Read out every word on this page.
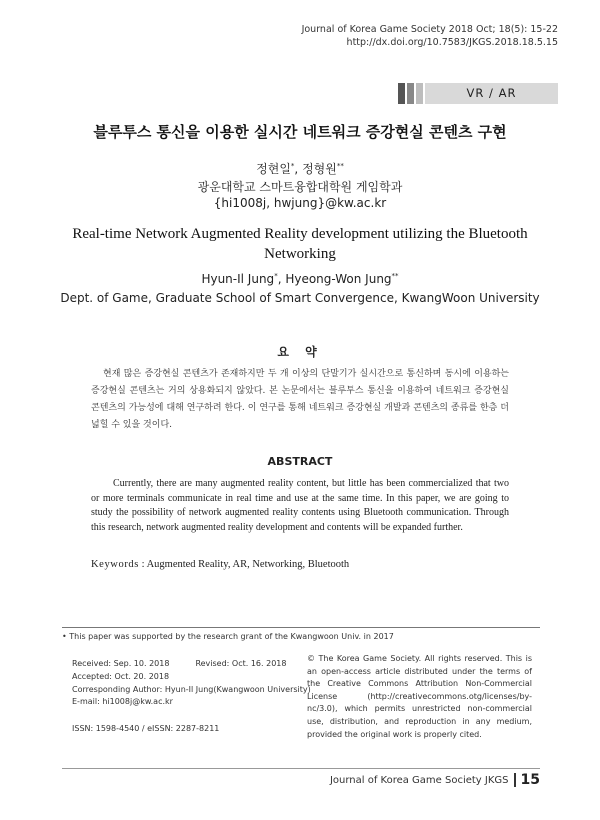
Journal of Korea Game Society 2018 Oct; 18(5): 15-22
http://dx.doi.org/10.7583/JKGS.2018.18.5.15
VR / AR
블루투스 통신을 이용한 실시간 네트워크 증강현실 콘텐츠 구현
정현일*, 정형원**
광운대학교 스마트융합대학원 게임학과
{hi1008j, hwjung}@kw.ac.kr
Real-time Network Augmented Reality development utilizing the Bluetooth Networking
Hyun-Il Jung*, Hyeong-Won Jung**
Dept. of Game, Graduate School of Smart Convergence, KwangWoon University
요 약
현재 많은 증강현실 콘텐츠가 존재하지만 두 개 이상의 단말기가 실시간으로 통신하며 동시에 이용하는 증강현실 콘텐츠는 거의 상용화되지 않았다. 본 논문에서는 블루투스 통신을 이용하여 네트워크 증강현실 콘텐츠의 가능성에 대해 연구하려 한다. 이 연구를 통해 네트워크 증강현실 개발과 콘텐츠의 종류를 한층 더 넓힐 수 있을 것이다.
ABSTRACT
Currently, there are many augmented reality content, but little has been commercialized that two or more terminals communicate in real time and use at the same time. In this paper, we are going to study the possibility of network augmented reality contents using Bluetooth communication. Through this research, network augmented reality development and contents will be expanded further.
Keywords : Augmented Reality, AR, Networking, Bluetooth
• This paper was supported by the research grant of the Kwangwoon Univ. in 2017
Received: Sep. 10. 2018	Revised: Oct. 16. 2018
Accepted: Oct. 20. 2018
Corresponding Author: Hyun-Il Jung(Kwangwoon University)
E-mail: hi1008j@kw.ac.kr
ISSN: 1598-4540 / eISSN: 2287-8211
© The Korea Game Society. All rights reserved. This is an open-access article distributed under the terms of the Creative Commons Attribution Non-Commercial License (http://creativecommons.otg/licenses/by-nc/3.0), which permits unrestricted non-commercial use, distribution, and reproduction in any medium, provided the original work is properly cited.
Journal of Korea Game Society JKGS 15
